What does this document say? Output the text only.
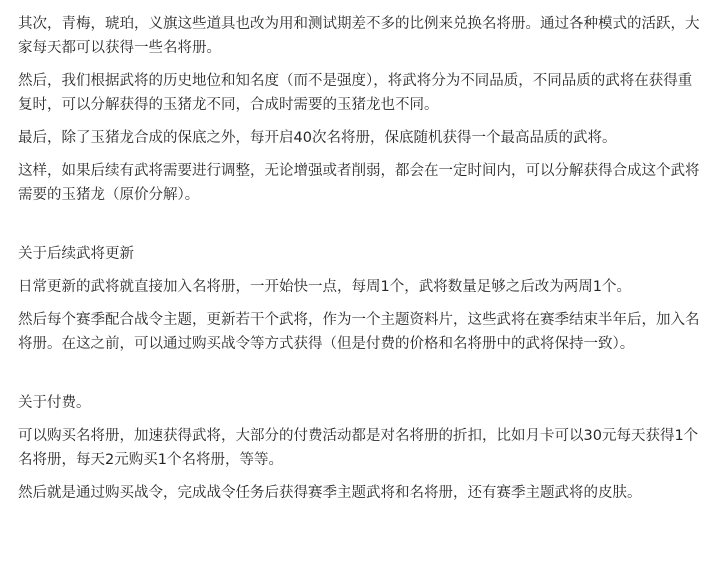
其次，青梅，琥珀，义旗这些道具也改为用和测试期差不多的比例来兑换名将册。通过各种模式的活跃，大家每天都可以获得一些名将册。

然后，我们根据武将的历史地位和知名度（而不是强度），将武将分为不同品质，不同品质的武将在获得重复时，可以分解获得的玉猪龙不同，合成时需要的玉猪龙也不同。

最后，除了玉猪龙合成的保底之外，每开启40次名将册，保底随机获得一个最高品质的武将。

这样，如果后续有武将需要进行调整，无论增强或者削弱，都会在一定时间内，可以分解获得合成这个武将需要的玉猪龙（原价分解）。

关于后续武将更新

日常更新的武将就直接加入名将册，一开始快一点，每周1个，武将数量足够之后改为两周1个。

然后每个赛季配合战令主题，更新若干个武将，作为一个主题资料片，这些武将在赛季结束半年后，加入名将册。在这之前，可以通过购买战令等方式获得（但是付费的价格和名将册中的武将保持一致）。

关于付费。

可以购买名将册，加速获得武将，大部分的付费活动都是对名将册的折扣，比如月卡可以30元每天获得1个名将册，每天2元购买1个名将册，等等。

然后就是通过购买战令，完成战令任务后获得赛季主题武将和名将册，还有赛季主题武将的皮肤。
